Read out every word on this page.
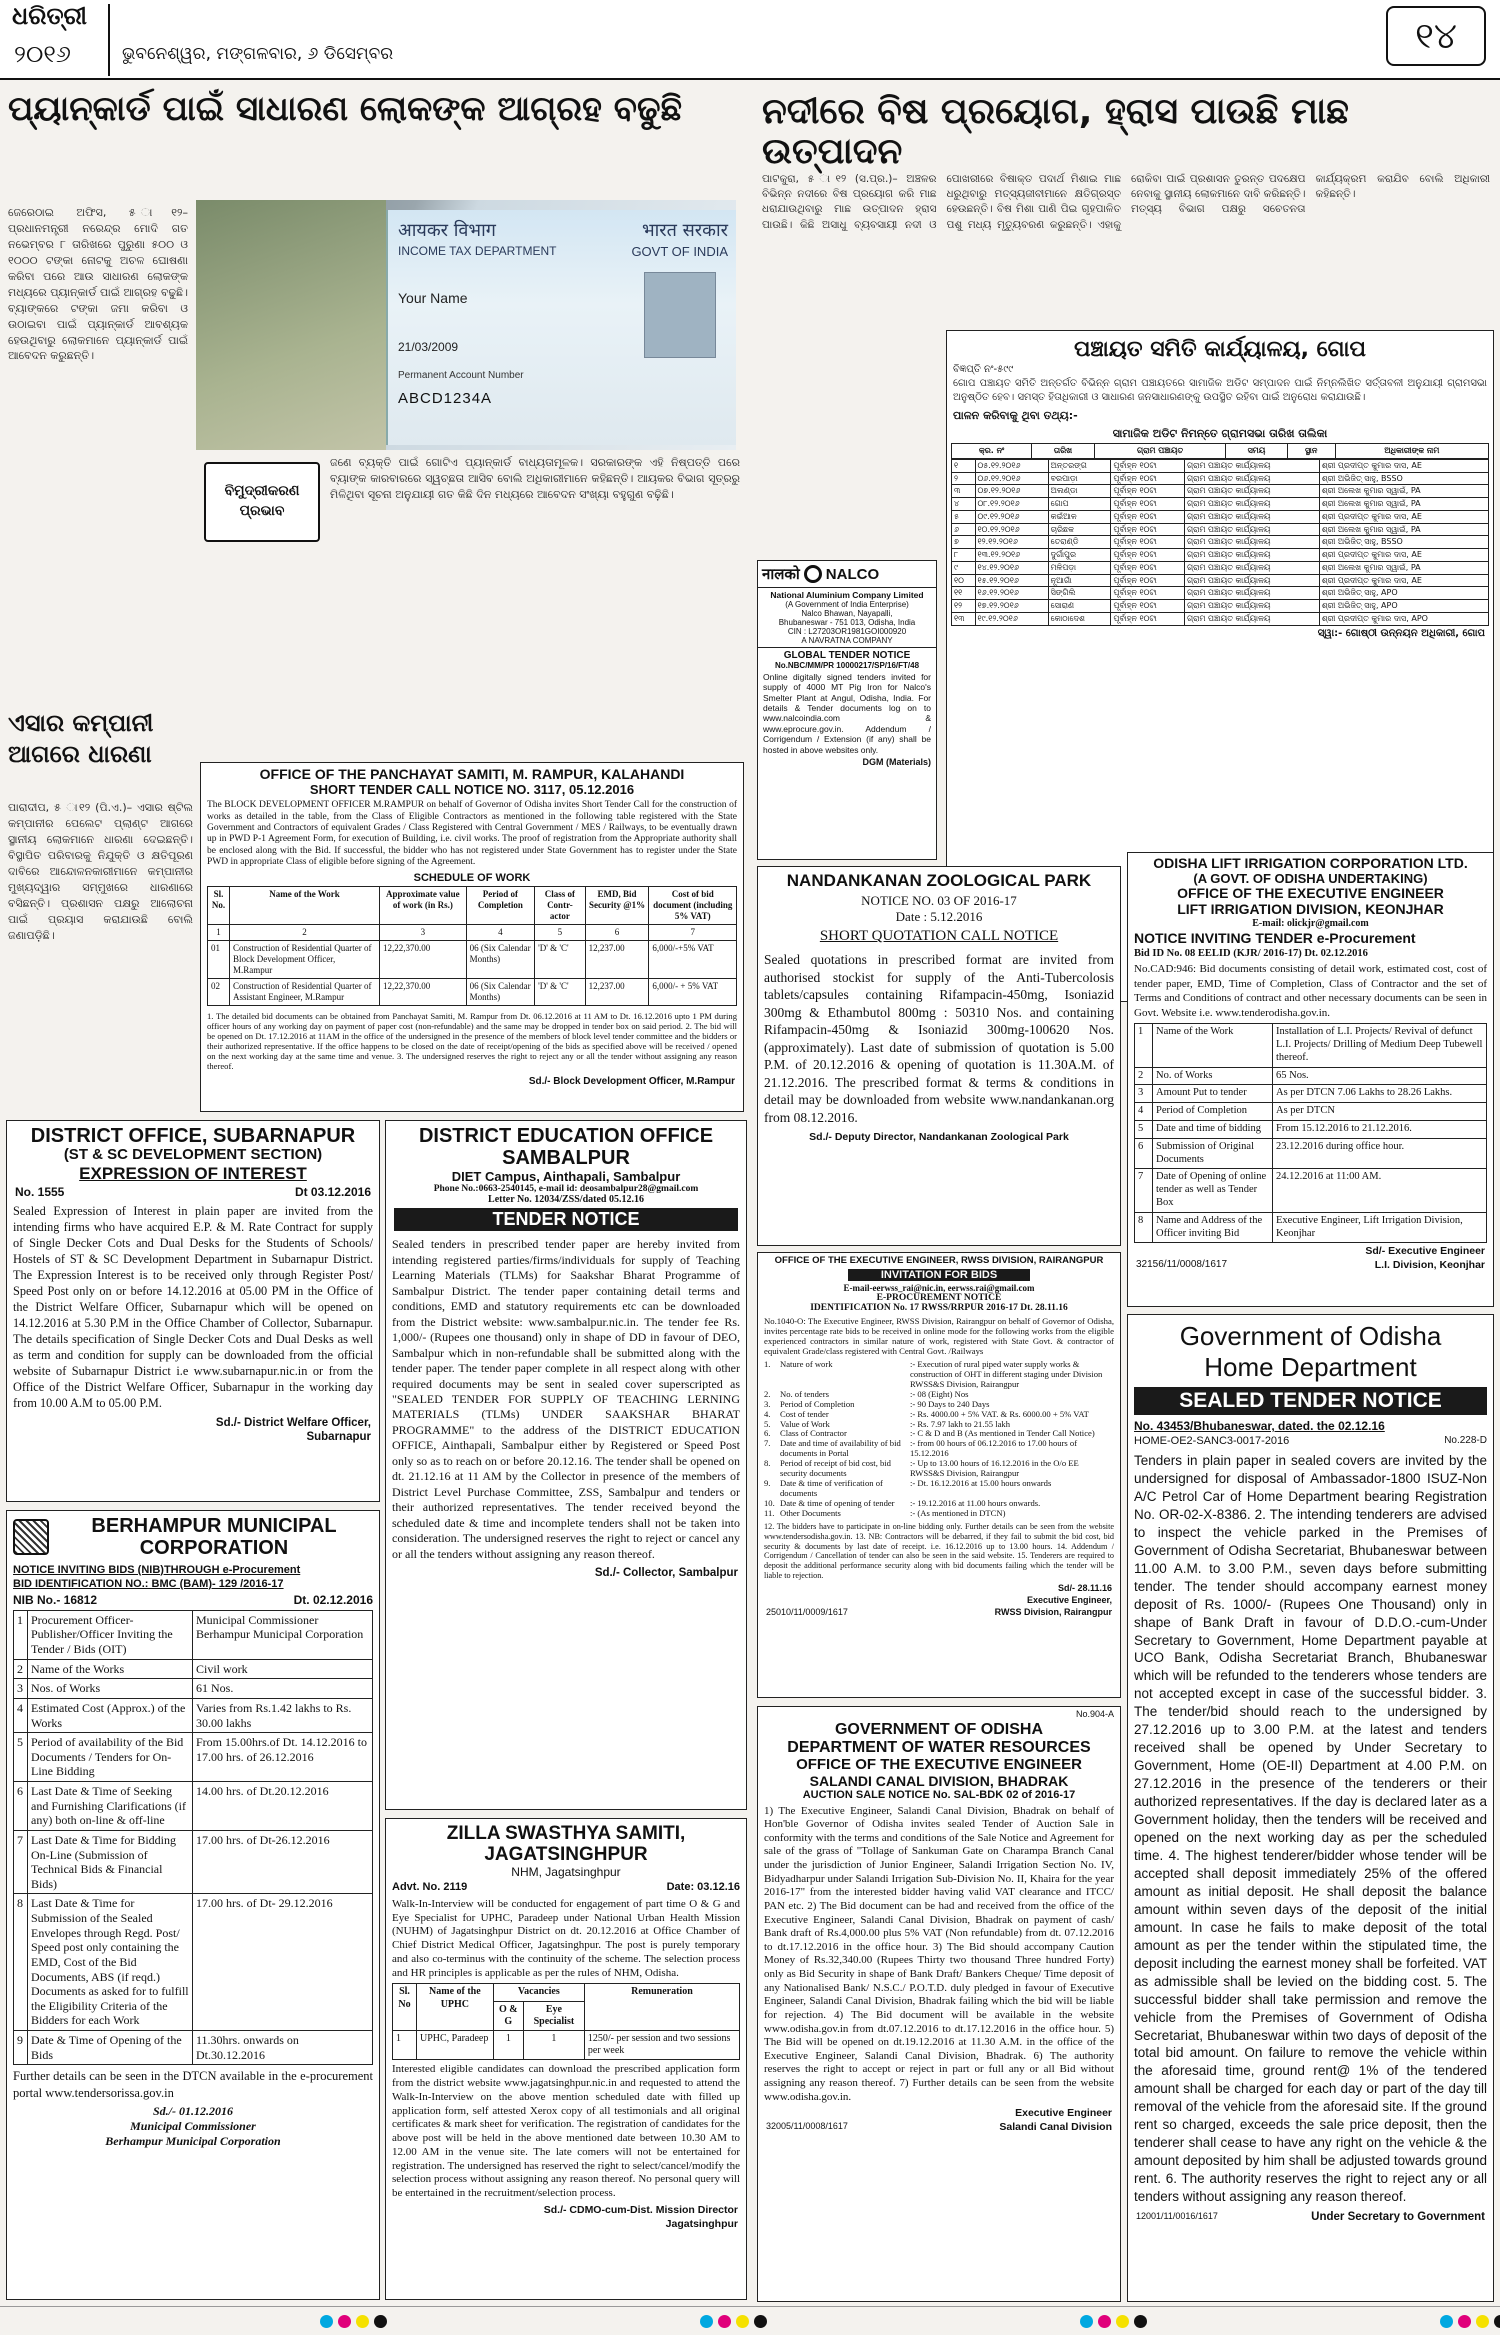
ଧରିତ୍ରୀ
୨୦୧୬	ଭୁବନେଶ୍ୱର, ମଙ୍ଗଳବାର, ୬ ଡିସେମ୍ବର	୧୪
ପ୍ୟାନ୍‌କାର୍ଡ ପାଇଁ ସାଧାରଣ ଲୋକଙ୍କ ଆଗ୍ରହ ବଢୁଛି
ଜେରେଠାଇ ଅଫିସ, ୫ ା୧୨– ପ୍ରଧାନମନ୍ତ୍ରୀ ନରେନ୍ଦ୍ର ମୋଦି ଗତ ନଭେମ୍ବର ୮ ତାରିଖରେ ପୁରୁଣା ୫୦୦ ଓ ୧୦୦୦ ଟଙ୍କା ନୋଟକୁ ଅଚଳ ଘୋଷଣା କରିବା ପରେ ଆଉ ସାଧାରଣ ଲୋକଙ୍କ ମଧ୍ୟରେ ପ୍ୟାନ୍‌କାର୍ଡ ପାଇଁ ଆଗ୍ରହ ବଢୁଛି। ବ୍ୟାଙ୍କରେ ଟଙ୍କା ଜମା କରିବା ଓ ଉଠାଇବା ପାଇଁ ପ୍ୟାନ୍‌କାର୍ଡ ଆବଶ୍ୟକ ହେଉଥିବାରୁ ଲୋକମାନେ ପ୍ୟାନ୍‌କାର୍ଡ ପାଇଁ ଆବେଦନ କରୁଛନ୍ତି।
आयकर विभाग	भारत सरकार
INCOME TAX DEPARTMENT	GOVT OF INDIA
Your Name
21/03/2009
Permanent Account Number
ABCD1234A
ବିମୁଦ୍ରୀକରଣ ପ୍ରଭାବ
ଜଣେ ବ୍ୟକ୍ତି ପାଇଁ ଗୋଟିଏ ପ୍ୟାନ୍‌କାର୍ଡ ବାଧ୍ୟତାମୂଳକ। ସରକାରଙ୍କ ଏହି ନିଷ୍ପତ୍ତି ପରେ ବ୍ୟାଙ୍କ କାରବାରରେ ସ୍ୱଚ୍ଛତା ଆସିବ ବୋଲି ଅଧିକାରୀମାନେ କହିଛନ୍ତି। ଆୟକର ବିଭାଗ ସୂତ୍ରରୁ ମିଳିଥିବା ସୂଚନା ଅନୁଯାୟୀ ଗତ କିଛି ଦିନ ମଧ୍ୟରେ ଆବେଦନ ସଂଖ୍ୟା ବହୁଗୁଣ ବଢ଼ିଛି।
ଏସାର କମ୍ପାନୀ ଆଗରେ ଧାରଣା
ପାରାଦୀପ, ୫ ା୧୨ (ପି.ଏ.)– ଏସାର ଷ୍ଟିଲ କମ୍ପାନୀର ପେଲେଟ ପ୍ଲାଣ୍ଟ ଆଗରେ ସ୍ଥାନୀୟ ଲୋକମାନେ ଧାରଣା ଦେଇଛନ୍ତି। ବିସ୍ଥାପିତ ପରିବାରକୁ ନିଯୁକ୍ତି ଓ କ୍ଷତିପୂରଣ ଦାବିରେ ଆନ୍ଦୋଳନକାରୀମାନେ କମ୍ପାନୀର ମୁଖ୍ୟଦ୍ୱାର ସମ୍ମୁଖରେ ଧାରଣାରେ ବସିଛନ୍ତି। ପ୍ରଶାସନ ପକ୍ଷରୁ ଆଲୋଚନା ପାଇଁ ପ୍ରୟାସ କରାଯାଉଛି ବୋଲି ଜଣାପଡ଼ିଛି।
OFFICE OF THE PANCHAYAT SAMITI, M. RAMPUR, KALAHANDI
SHORT TENDER CALL NOTICE NO. 3117, 05.12.2016
The BLOCK DEVELOPMENT OFFICER M.RAMPUR on behalf of Governor of Odisha invites Short Tender Call for the construction of works as detailed in the table, from the Class of Eligible Contractors as mentioned in the following table registered with the State Government and Contractors of equivalent Grades / Class Registered with Central Government / MES / Railways, to be eventually drawn up in PWD P-1 Agreement Form, for execution of Building, i.e. civil works. The proof of registration from the Appropriate authority shall be enclosed along with the Bid. If successful, the bidder who has not registered under State Government has to register under the State PWD in appropriate Class of eligible before signing of the Agreement.
SCHEDULE OF WORK
Sl. No.	Name of the Work	Approximate value of work (in Rs.)	Period of Completion	Class of Contr-actor	EMD, Bid Security @1%	Cost of bid document (including 5% VAT)
1	2	3	4	5	6	7
01	Construction of Residential Quarter of Block Development Officer, M.Rampur	12,22,370.00	06 (Six Calendar Months)	'D' & 'C'	12,237.00	6,000/-+5% VAT
02	Construction of Residential Quarter of Assistant Engineer, M.Rampur	12,22,370.00	06 (Six Calendar Months)	'D' & 'C'	12,237.00	6,000/- + 5% VAT
1. The detailed bid documents can be obtained from Panchayat Samiti, M. Rampur from Dt. 06.12.2016 at 11 AM to Dt. 16.12.2016 upto 1 PM during officer hours of any working day on payment of paper cost (non-refundable) and the same may be dropped in tender box on said period. 2. The bid will be opened on Dt. 17.12.2016 at 11AM in the office of the undersigned in the presence of the members of block level tender committee and the bidders or their authorized representative. If the office happens to be closed on the date of receipt/opening of the bids as specified above will be received / opened on the next working day at the same time and venue. 3. The undersigned reserves the right to reject any or all the tender without assigning any reason thereof.
Sd./- Block Development Officer, M.Rampur
ନଦୀରେ ବିଷ ପ୍ରୟୋଗ, ହ୍ରାସ ପାଉଛି ମାଛ ଉତ୍ପାଦନ
ପାଟକୁରା, ୫ ା୧୨ (ସ.ପ୍ର.)– ଅଞ୍ଚଳର ବିଭିନ୍ନ ନଦୀରେ ବିଷ ପ୍ରୟୋଗ କରି ମାଛ ଧରାଯାଉଥିବାରୁ ମାଛ ଉତ୍ପାଦନ ହ୍ରାସ ପାଉଛି। କିଛି ଅସାଧୁ ବ୍ୟବସାୟୀ ନଦୀ ଓ ପୋଖରୀରେ ବିଷାକ୍ତ ପଦାର୍ଥ ମିଶାଇ ମାଛ ଧରୁଥିବାରୁ ମତ୍ସ୍ୟଜୀବୀମାନେ କ୍ଷତିଗ୍ରସ୍ତ ହେଉଛନ୍ତି। ବିଷ ମିଶା ପାଣି ପିଇ ଗୃହପାଳିତ ପଶୁ ମଧ୍ୟ ମୃତ୍ୟୁବରଣ କରୁଛନ୍ତି। ଏହାକୁ ରୋକିବା ପାଇଁ ପ୍ରଶାସନ ତୁରନ୍ତ ପଦକ୍ଷେପ ନେବାକୁ ସ୍ଥାନୀୟ ଲୋକମାନେ ଦାବି କରିଛନ୍ତି। ମତ୍ସ୍ୟ ବିଭାଗ ପକ୍ଷରୁ ସଚେତନତା କାର୍ଯ୍ୟକ୍ରମ କରାଯିବ ବୋଲି ଅଧିକାରୀ କହିଛନ୍ତି।
ପଞ୍ଚାୟତ ସମିତି କାର୍ଯ୍ୟାଳୟ, ଗୋପ
ବିଜ୍ଞପ୍ତି ନଂ-୫୯୯
ଗୋପ ପଞ୍ଚାୟତ ସମିତି ଅନ୍ତର୍ଗତ ବିଭିନ୍ନ ଗ୍ରାମ ପଞ୍ଚାୟତରେ ସାମାଜିକ ଅଡିଟ ସମ୍ପାଦନ ପାଇଁ ନିମ୍ନଲିଖିତ ସର୍ତ୍ତାବଳୀ ଅନୁଯାୟୀ ଗ୍ରାମସଭା ଅନୁଷ୍ଠିତ ହେବ। ସମସ୍ତ ହିତାଧିକାରୀ ଓ ସାଧାରଣ ଜନସାଧାରଣଙ୍କୁ ଉପସ୍ଥିତ ରହିବା ପାଇଁ ଅନୁରୋଧ କରାଯାଉଛି।
ପାଳନ କରିବାକୁ ଥିବା ତଥ୍ୟ:-
ସାମାଜିକ ଅଡିଟ ନିମନ୍ତେ ଗ୍ରାମସଭା ତାରିଖ ତାଲିକା
କ୍ର. ନଂ	ତାରିଖ	ଗ୍ରାମ ପଞ୍ଚାୟତ	ସମୟ	ସ୍ଥାନ	ଅଧିକାରୀଙ୍କ ନାମ
୧	୦୫.୧୨.୨୦୧୬	ଅନ୍ତରଙ୍ଗ	ପୂର୍ବାହ୍ନ ୧୦ଟା	ଗ୍ରାମ ପଞ୍ଚାୟତ କାର୍ଯ୍ୟାଳୟ	ଶ୍ରୀ ପ୍ରଦୀପ୍ତ କୁମାର ଦାସ, AE
୨	୦୬.୧୨.୨୦୧୬	ବରପାଡ଼ା	ପୂର୍ବାହ୍ନ ୧୦ଟା	ଗ୍ରାମ ପଞ୍ଚାୟତ କାର୍ଯ୍ୟାଳୟ	ଶ୍ରୀ ଅଭିଜିତ୍ ସାହୁ, BSSO
୩	୦୭.୧୨.୨୦୧୬	ଅଲଣ୍ଡା	ପୂର୍ବାହ୍ନ ୧୦ଟା	ଗ୍ରାମ ପଞ୍ଚାୟତ କାର୍ଯ୍ୟାଳୟ	ଶ୍ରୀ ଅଲେଖ କୁମାର ସ୍ୱାଇଁ, PA
୪	୦୮.୧୨.୨୦୧୬	ଗୋପ	ପୂର୍ବାହ୍ନ ୧୦ଟା	ଗ୍ରାମ ପଞ୍ଚାୟତ କାର୍ଯ୍ୟାଳୟ	ଶ୍ରୀ ଅଲେଖ କୁମାର ସ୍ୱାଇଁ, PA
୫	୦୯.୧୨.୨୦୧୬	କଇଁଆଳ	ପୂର୍ବାହ୍ନ ୧୦ଟା	ଗ୍ରାମ ପଞ୍ଚାୟତ କାର୍ଯ୍ୟାଳୟ	ଶ୍ରୀ ପ୍ରଦୀପ୍ତ କୁମାର ଦାସ, AE
୬	୧୦.୧୨.୨୦୧୬	ଚାରିଛକ	ପୂର୍ବାହ୍ନ ୧୦ଟା	ଗ୍ରାମ ପଞ୍ଚାୟତ କାର୍ଯ୍ୟାଳୟ	ଶ୍ରୀ ଅଲେଖ କୁମାର ସ୍ୱାଇଁ, PA
୭	୧୨.୧୨.୨୦୧୬	ତେରାଣ୍ଡି	ପୂର୍ବାହ୍ନ ୧୦ଟା	ଗ୍ରାମ ପଞ୍ଚାୟତ କାର୍ଯ୍ୟାଳୟ	ଶ୍ରୀ ଅଭିଜିତ୍ ସାହୁ, BSSO
୮	୧୩.୧୨.୨୦୧୬	ଦୁର୍ଗାପୁର	ପୂର୍ବାହ୍ନ ୧୦ଟା	ଗ୍ରାମ ପଞ୍ଚାୟତ କାର୍ଯ୍ୟାଳୟ	ଶ୍ରୀ ପ୍ରଦୀପ୍ତ କୁମାର ଦାସ, AE
୯	୧୪.୧୨.୨୦୧୬	ମଳିପଡ଼ା	ପୂର୍ବାହ୍ନ ୧୦ଟା	ଗ୍ରାମ ପଞ୍ଚାୟତ କାର୍ଯ୍ୟାଳୟ	ଶ୍ରୀ ଅଲେଖ କୁମାର ସ୍ୱାଇଁ, PA
୧୦	୧୫.୧୨.୨୦୧୬	ନୂଆଗାଁ	ପୂର୍ବାହ୍ନ ୧୦ଟା	ଗ୍ରାମ ପଞ୍ଚାୟତ କାର୍ଯ୍ୟାଳୟ	ଶ୍ରୀ ପ୍ରଦୀପ୍ତ କୁମାର ଦାସ, AE
୧୧	୧୬.୧୨.୨୦୧୬	ସିଙ୍ଗିଲି	ପୂର୍ବାହ୍ନ ୧୦ଟା	ଗ୍ରାମ ପଞ୍ଚାୟତ କାର୍ଯ୍ୟାଳୟ	ଶ୍ରୀ ଅଭିଜିତ୍ ସାହୁ, APO
୧୨	୧୭.୧୨.୨୦୧୬	ସୋରାଣ	ପୂର୍ବାହ୍ନ ୧୦ଟା	ଗ୍ରାମ ପଞ୍ଚାୟତ କାର୍ଯ୍ୟାଳୟ	ଶ୍ରୀ ଅଭିଜିତ୍ ସାହୁ, APO
୧୩	୧୯.୧୨.୨୦୧୬	କୋଠାଦେଶ	ପୂର୍ବାହ୍ନ ୧୦ଟା	ଗ୍ରାମ ପଞ୍ଚାୟତ କାର୍ଯ୍ୟାଳୟ	ଶ୍ରୀ ପ୍ରଦୀପ୍ତ କୁମାର ଦାସ, APO
ସ୍ୱା:- ଗୋଷ୍ଠୀ ଉନ୍ନୟନ ଅଧିକାରୀ, ଗୋପ
नालको NALCO
National Aluminium Company Limited
(A Government of India Enterprise)
Nalco Bhawan, Nayapalli,
Bhubaneswar - 751 013, Odisha, India
CIN : L27203OR1981GOI000920
A NAVRATNA COMPANY
GLOBAL TENDER NOTICE
No.NBC/MM/PR 10000217/SP/16/FT/48
Online digitally signed tenders invited for supply of 4000 MT Pig Iron for Nalco's Smelter Plant at Angul, Odisha, India. For details & Tender documents log on to www.nalcoindia.com & www.eprocure.gov.in. Addendum / Corrigendum / Extension (if any) shall be hosted in above websites only.
DGM (Materials)
NANDANKANAN ZOOLOGICAL PARK
NOTICE NO. 03 OF 2016-17
Date : 5.12.2016
SHORT QUOTATION CALL NOTICE
Sealed quotations in prescribed format are invited from authorised stockist for supply of the Anti-Tubercolosis tablets/capsules containing Rifampacin-450mg, Isoniazid 300mg & Ethambutol 800mg : 50310 Nos. and containing Rifampacin-450mg & Isoniazid 300mg-100620 Nos. (approximately). Last date of submission of quotation is 5.00 P.M. of 20.12.2016 & opening of quotation is 11.30A.M. of 21.12.2016. The prescribed format & terms & conditions in detail may be downloaded from website www.nandankanan.org from 08.12.2016.
Sd./- Deputy Director, Nandankanan Zoological Park
ODISHA LIFT IRRIGATION CORPORATION LTD.
(A GOVT. OF ODISHA UNDERTAKING)
OFFICE OF THE EXECUTIVE ENGINEER
LIFT IRRIGATION DIVISION, KEONJHAR
E-mail: olickjr@gmail.com
NOTICE INVITING TENDER e-Procurement
Bid ID No. 08 EELID (KJR/ 2016-17) Dt. 02.12.2016
No.CAD:946: Bid documents consisting of detail work, estimated cost, cost of tender paper, EMD, Time of Completion, Class of Contractor and the set of Terms and Conditions of contract and other necessary documents can be seen in Govt. Website i.e. www.tenderodisha.gov.in.
1	Name of the Work	Installation of L.I. Projects/ Revival of defunct L.I. Projects/ Drilling of Medium Deep Tubewell thereof.
2	No. of Works	65 Nos.
3	Amount Put to tender	As per DTCN 7.06 Lakhs to 28.26 Lakhs.
4	Period of Completion	As per DTCN
5	Date and time of bidding	From 15.12.2016 to 21.12.2016.
6	Submission of Original Documents	23.12.2016 during office hour.
7	Date of Opening of online tender as well as Tender Box	24.12.2016 at 11:00 AM.
8	Name and Address of the Officer inviting Bid	Executive Engineer, Lift Irrigation Division, Keonjhar
Sd/- Executive Engineer
32156/11/0008/1617	L.I. Division, Keonjhar
DISTRICT OFFICE, SUBARNAPUR
(ST & SC DEVELOPMENT SECTION)
EXPRESSION OF INTEREST
No. 1555	Dt 03.12.2016
Sealed Expression of Interest in plain paper are invited from the intending firms who have acquired E.P. & M. Rate Contract for supply of Single Decker Cots and Dual Desks for the Students of Schools/ Hostels of ST & SC Development Department in Subarnapur District. The Expression Interest is to be received only through Register Post/ Speed Post only on or before 14.12.2016 at 05.00 PM in the Office of the District Welfare Officer, Subarnapur which will be opened on 14.12.2016 at 5.30 P.M in the Office Chamber of Collector, Subarnapur. The details specification of Single Decker Cots and Dual Desks as well as term and condition for supply can be downloaded from the official website of Subarnapur District i.e www.subarnapur.nic.in or from the Office of the District Welfare Officer, Subarnapur in the working day from 10.00 A.M to 05.00 P.M.
Sd./- District Welfare Officer,
Subarnapur
BERHAMPUR MUNICIPAL CORPORATION
NOTICE INVITING BIDS (NIB)THROUGH e-Procurement
BID IDENTIFICATION NO.: BMC (BAM)- 129 /2016-17
NIB No.- 16812	Dt. 02.12.2016
1	Procurement Officer-Publisher/Officer Inviting the Tender / Bids (OIT)	Municipal Commissioner Berhampur Municipal Corporation
2	Name of the Works	Civil work
3	Nos. of Works	61 Nos.
4	Estimated Cost (Approx.) of the Works	Varies from Rs.1.42 lakhs to Rs. 30.00 lakhs
5	Period of availability of the Bid Documents / Tenders for On-Line Bidding	From 15.00hrs.of Dt. 14.12.2016 to 17.00 hrs. of 26.12.2016
6	Last Date & Time of Seeking and Furnishing Clarifications (if any) both on-line & off-line	14.00 hrs. of Dt.20.12.2016
7	Last Date & Time for Bidding On-Line (Submission of Technical Bids & Financial Bids)	17.00 hrs. of Dt-26.12.2016
8	Last Date & Time for Submission of the Sealed Envelopes through Regd. Post/ Speed post only containing the EMD, Cost of the Bid Documents, ABS (if reqd.) Documents as asked for to fulfill the Eligibility Criteria of the Bidders for each Work	17.00 hrs. of Dt- 29.12.2016
9	Date & Time of Opening of the Bids	11.30hrs. onwards on Dt.30.12.2016
Further details can be seen in the DTCN available in the e-procurement portal www.tendersorissa.gov.in
Sd./- 01.12.2016
Municipal Commissioner
Berhampur Municipal Corporation
DISTRICT EDUCATION OFFICE SAMBALPUR
DIET Campus, Ainthapali, Sambalpur
Phone No.:0663-2540145, e-mail id: deosambalpur28@gmail.com
Letter No. 12034/ZSS/dated 05.12.16
TENDER NOTICE
Sealed tenders in prescribed tender paper are hereby invited from intending registered parties/firms/individuals for supply of Teaching Learning Materials (TLMs) for Saakshar Bharat Programme of Sambalpur District. The tender paper containing detail terms and conditions, EMD and statutory requirements etc can be downloaded from the District website: www.sambalpur.nic.in. The tender fee Rs. 1,000/- (Rupees one thousand) only in shape of DD in favour of DEO, Sambalpur which in non-refundable shall be submitted along with the tender paper. The tender paper complete in all respect along with other required documents may be sent in sealed cover superscripted as "SEALED TENDER FOR SUPPLY OF TEACHING LERNING MATERIALS (TLMs) UNDER SAAKSHAR BHARAT PROGRAMME" to the address of the DISTRICT EDUCATION OFFICE, Ainthapali, Sambalpur either by Registered or Speed Post only so as to reach on or before 20.12.16. The tender shall be opened on dt. 21.12.16 at 11 AM by the Collector in presence of the members of District Level Purchase Committee, ZSS, Sambalpur and tenders or their authorized representatives. The tender received beyond the scheduled date & time and incomplete tenders shall not be taken into consideration. The undersigned reserves the right to reject or cancel any or all the tenders without assigning any reason thereof.
Sd./- Collector, Sambalpur
ZILLA SWASTHYA SAMITI, JAGATSINGHPUR
NHM, Jagatsinghpur
Advt. No. 2119	Date: 03.12.16
Walk-In-Interview will be conducted for engagement of part time O & G and Eye Specialist for UPHC, Paradeep under National Urban Health Mission (NUHM) of Jagatsinghpur District on dt. 20.12.2016 at Office Chamber of Chief District Medical Officer, Jagatsinghpur. The post is purely temporary and also co-terminus with the continuity of the scheme. The selection process and HR principles is applicable as per the rules of NHM, Odisha.
Sl. No	Name of the UPHC	Vacancies		Remuneration
		O & G	Eye Specialist	
1	UPHC, Paradeep	1	1	1250/- per session and two sessions per week
Interested eligible candidates can download the prescribed application form from the district website www.jagatsinghpur.nic.in and requested to attend the Walk-In-Interview on the above mention scheduled date with filled up application form, self attested Xerox copy of all testimonials and all original certificates & mark sheet for verification. The registration of candidates for the above post will be held in the above mentioned date between 10.30 AM to 12.00 AM in the venue site. The late comers will not be entertained for registration. The undersigned has reserved the right to select/cancel/modify the selection process without assigning any reason thereof. No personal query will be entertained in the recruitment/selection process.
Sd./- CDMO-cum-Dist. Mission Director
Jagatsinghpur
OFFICE OF THE EXECUTIVE ENGINEER, RWSS DIVISION, RAIRANGPUR
INVITATION FOR BIDS
E-mail-eerwss_rai@nic.in, eerwss.rai@gmail.com
E-PROCUREMENT NOTICE
IDENTIFICATION No. 17 RWSS/RRPUR 2016-17 Dt. 28.11.16
No.1040-O: The Executive Engineer, RWSS Division, Rairangpur on behalf of Governor of Odisha, invites percentage rate bids to be received in online mode for the following works from the eligible experienced contractors in similar nature of work, registered with State Govt. & contractor of equivalent Grade/class registered with Central Govt. /Railways
1.	Nature of work	:- Execution of rural piped water supply works & construction of OHT in different staging under Division RWSS&S Division, Rairangpur
2.	No. of tenders	:- 08 (Eight) Nos
3.	Period of Completion	:- 90 Days to 240 Days
4.	Cost of tender	:- Rs. 4000.00 + 5% VAT. & Rs. 6000.00 + 5% VAT
5.	Value of Work	:- Rs. 7.97 lakh to 21.55 lakh
6.	Class of Contractor	:- C & D and B (As mentioned in Tender Call Notice)
7.	Date and time of availability of bid documents in Portal
:- from 00 hours of 06.12.2016 to 17.00 hours of 15.12.2016
8.	Period of receipt of bid cost, bid security documents
:- Up to 13.00 hours of 16.12.2016 in the O/o EE RWSS&S Division, Rairangpur
9.	Date & time of verification of documents
:- Dt. 16.12.2016 at 15.00 hours onwards
10. Date & time of opening of tender	:- 19.12.2016 at 11.00 hours onwards.
11. Other Documents	:- (As mentioned in DTCN)
12. The bidders have to participate in on-line bidding only. Further details can be seen from the website www.tendersodisha.gov.in. 13. NB: Contractors will be debarred, if they fail to submit the bid cost, bid security & documents by last date of receipt. i.e. 16.12.2016 up to 13.00 hours. 14. Addendum / Corrigendum / Cancellation of tender can also be seen in the said website. 15. Tenderers are required to deposit the additional performance security along with bid documents failing which the tender will be liable to rejection.
Sd/- 28.11.16
Executive Engineer,
25010/11/0009/1617	RWSS Division, Rairangpur
No.904-A
GOVERNMENT OF ODISHA
DEPARTMENT OF WATER RESOURCES
OFFICE OF THE EXECUTIVE ENGINEER
SALANDI CANAL DIVISION, BHADRAK
AUCTION SALE NOTICE No. SAL-BDK 02 of 2016-17
1) The Executive Engineer, Salandi Canal Division, Bhadrak on behalf of Hon'ble Governor of Odisha invites sealed Tender of Auction Sale in conformity with the terms and conditions of the Sale Notice and Agreement for sale of the grass of "Tollage of Sankuman Gate on Charampa Branch Canal under the jurisdiction of Junior Engineer, Salandi Irrigation Section No. IV, Bidyadharpur under Salandi Irrigation Sub-Division No. II, Khaira for the year 2016-17" from the interested bidder having valid VAT clearance and ITCC/ PAN etc. 2) The Bid document can be had and received from the office of the Executive Engineer, Salandi Canal Division, Bhadrak on payment of cash/ Bank draft of Rs.4,000.00 plus 5% VAT (Non refundable) from dt. 07.12.2016 to dt.17.12.2016 in the office hour. 3) The Bid should accompany Caution Money of Rs.32,340.00 (Rupees Thirty two thousand Three hundred Forty) only as Bid Security in shape of Bank Draft/ Bankers Cheque/ Time deposit of any Nationalised Bank/ N.S.C./ P.O.T.D. duly pledged in favour of Executive Engineer, Salandi Canal Division, Bhadrak failing which the bid will be liable for rejection. 4) The Bid document will be available in the website www.odisha.gov.in from dt.07.12.2016 to dt.17.12.2016 in the office hour. 5) The Bid will be opened on dt.19.12.2016 at 11.30 A.M. in the office of the Executive Engineer, Salandi Canal Division, Bhadrak. 6) The authority reserves the right to accept or reject in part or full any or all Bid without assigning any reason thereof. 7) Further details can be seen from the website www.odisha.gov.in.
Executive Engineer
32005/11/0008/1617	Salandi Canal Division
Government of Odisha
Home Department
SEALED TENDER NOTICE
No. 43453/Bhubaneswar, dated. the 02.12.16
HOME-OE2-SANC3-0017-2016	No.228-D
Tenders in plain paper in sealed covers are invited by the undersigned for disposal of Ambassador-1800 ISUZ-Non A/C Petrol Car of Home Department bearing Registration No. OR-02-X-8386. 2. The intending tenderers are advised to inspect the vehicle parked in the Premises of Government of Odisha Secretariat, Bhubaneswar between 11.00 A.M. to 3.00 P.M., seven days before submitting tender. The tender should accompany earnest money deposit of Rs. 1000/- (Rupees One Thousand) only in shape of Bank Draft in favour of D.D.O.-cum-Under Secretary to Government, Home Department payable at UCO Bank, Odisha Secretariat Branch, Bhubaneswar which will be refunded to the tenderers whose tenders are not accepted except in case of the successful bidder. 3. The tender/bid should reach to the undersigned by 27.12.2016 up to 3.00 P.M. at the latest and tenders received shall be opened by Under Secretary to Government, Home (OE-II) Department at 4.00 P.M. on 27.12.2016 in the presence of the tenderers or their authorized representatives. If the day is declared later as a Government holiday, then the tenders will be received and opened on the next working day as per the scheduled time. 4. The highest tenderer/bidder whose tender will be accepted shall deposit immediately 25% of the offered amount as initial deposit. He shall deposit the balance amount within seven days of the deposit of the initial amount. In case he fails to make deposit of the total amount as per the tender within the stipulated time, the deposit including the earnest money shall be forfeited. VAT as admissible shall be levied on the bidding cost. 5. The successful bidder shall take permission and remove the vehicle from the Premises of Government of Odisha Secretariat, Bhubaneswar within two days of deposit of the total bid amount. On failure to remove the vehicle within the aforesaid time, ground rent@ 1% of the tendered amount shall be charged for each day or part of the day till removal of the vehicle from the aforesaid site. If the ground rent so charged, exceeds the sale price deposit, then the tenderer shall cease to have any right on the vehicle & the amount deposited by him shall be adjusted towards ground rent. 6. The authority reserves the right to reject any or all tenders without assigning any reason thereof.
12001/11/0016/1617	Under Secretary to Government
